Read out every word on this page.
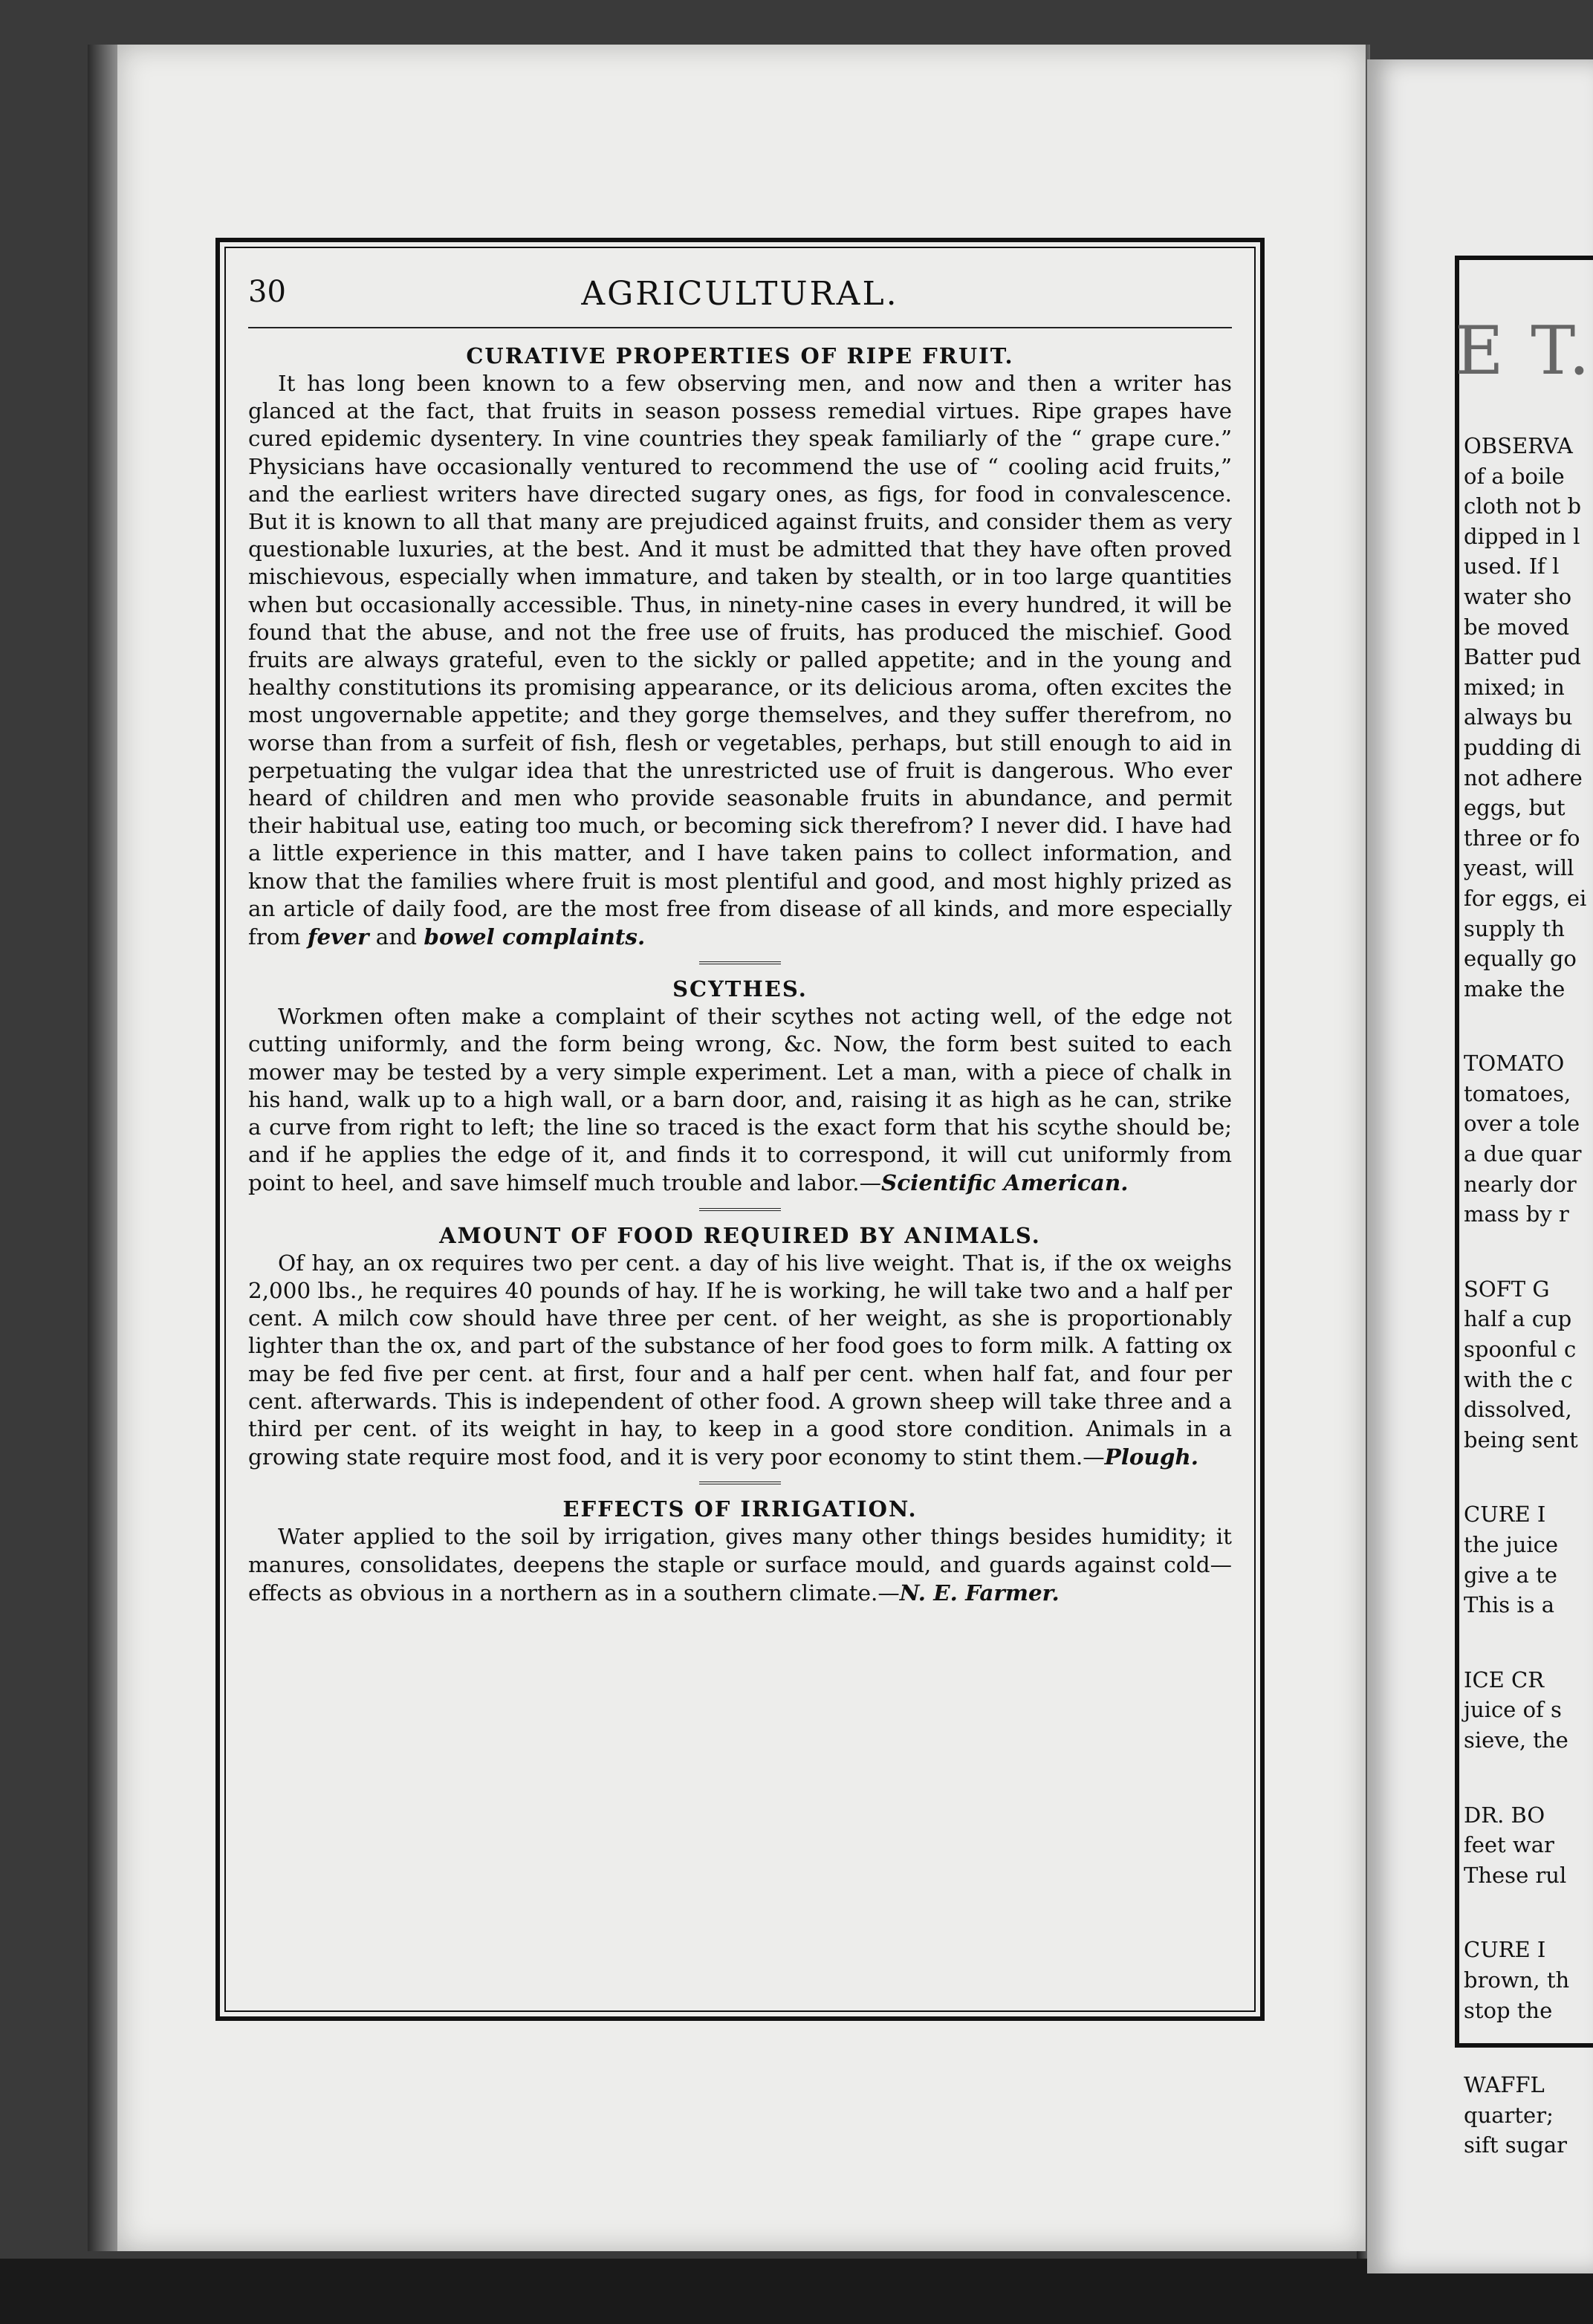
30	AGRICULTURAL.
CURATIVE PROPERTIES OF RIPE FRUIT.

It has long been known to a few observing men, and now and then a writer has glanced at the fact, that fruits in season possess remedial virtues. Ripe grapes have cured epidemic dysentery. In vine countries they speak familiarly of the “ grape cure.” Physicians have occasionally ventured to recommend the use of “ cooling acid fruits,” and the earliest writers have directed sugary ones, as figs, for food in convalescence. But it is known to all that many are prejudiced against fruits, and consider them as very questionable luxuries, at the best. And it must be admitted that they have often proved mischievous, especially when immature, and taken by stealth, or in too large quantities when but occasionally accessible. Thus, in ninety-nine cases in every hundred, it will be found that the abuse, and not the free use of fruits, has produced the mischief. Good fruits are always grateful, even to the sickly or palled appetite; and in the young and healthy constitutions its promising appearance, or its delicious aroma, often excites the most ungovernable appetite; and they gorge themselves, and they suffer therefrom, no worse than from a surfeit of fish, flesh or vegetables, perhaps, but still enough to aid in perpetuating the vulgar idea that the unrestricted use of fruit is dangerous. Who ever heard of children and men who provide seasonable fruits in abundance, and permit their habitual use, eating too much, or becoming sick therefrom? I never did. I have had a little experience in this matter, and I have taken pains to collect information, and know that the families where fruit is most plentiful and good, and most highly prized as an article of daily food, are the most free from disease of all kinds, and more especially from fever and bowel complaints.

SCYTHES.

Workmen often make a complaint of their scythes not acting well, of the edge not cutting uniformly, and the form being wrong, &c. Now, the form best suited to each mower may be tested by a very simple experiment. Let a man, with a piece of chalk in his hand, walk up to a high wall, or a barn door, and, raising it as high as he can, strike a curve from right to left; the line so traced is the exact form that his scythe should be; and if he applies the edge of it, and finds it to correspond, it will cut uniformly from point to heel, and save himself much trouble and labor.—Scientific American.

AMOUNT OF FOOD REQUIRED BY ANIMALS.

Of hay, an ox requires two per cent. a day of his live weight. That is, if the ox weighs 2,000 lbs., he requires 40 pounds of hay. If he is working, he will take two and a half per cent. A milch cow should have three per cent. of her weight, as she is proportionably lighter than the ox, and part of the substance of her food goes to form milk. A fatting ox may be fed five per cent. at first, four and a half per cent. when half fat, and four per cent. afterwards. This is independent of other food. A grown sheep will take three and a third per cent. of its weight in hay, to keep in a good store condition. Animals in a growing state require most food, and it is very poor economy to stint them.—Plough.

EFFECTS OF IRRIGATION.

Water applied to the soil by irrigation, gives many other things besides humidity; it manures, consolidates, deepens the staple or surface mould, and guards against cold—effects as obvious in a northern as in a southern climate.—N. E. Farmer.

E T.

OBSERVA

of a boile

cloth not b

dipped in l

used. If l

water sho

be moved

Batter pud

mixed; in

always bu

pudding di

not adhere

eggs, but

three or fo

yeast, will

for eggs, ei

supply th

equally go

make the

TOMATO

tomatoes,

over a tole

a due quar

nearly dor

mass by r

SOFT G

half a cup

spoonful c

with the c

dissolved,

being sent

CURE I

the juice

give a te

This is a

ICE CR

juice of s

sieve, the

DR. BO

feet war

These rul

CURE I

brown, th

stop the

WAFFL

quarter;

sift sugar
